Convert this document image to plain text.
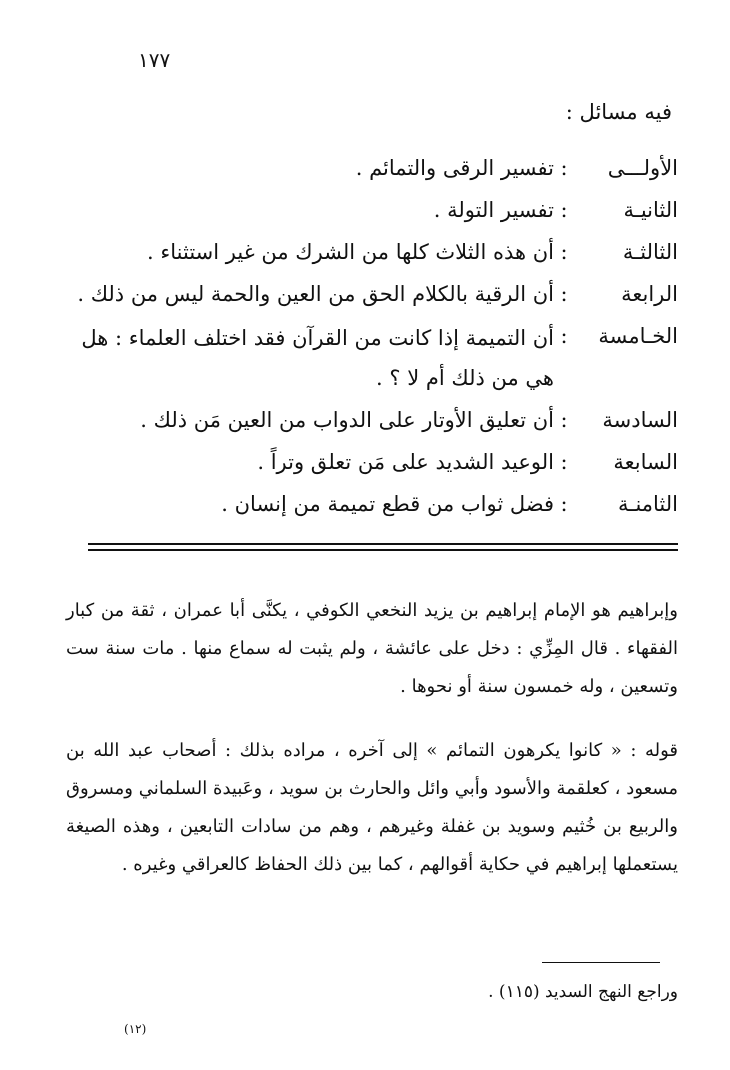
١٧٧
فيه مسائل :
الأولـــى
:
تفسير الرقى والتمائم .
الثانيـة
:
تفسير التولة .
الثالثـة
:
أن هذه الثلاث كلها من الشرك من غير استثناء .
الرابعة
:
أن الرقية بالكلام الحق من العين والحمة ليس من ذلك .
الخـامسة
:
أن التميمة إذا كانت من القرآن فقد اختلف العلماء : هل هي من ذلك أم لا ؟ .
السادسة
:
أن تعليق الأوتار على الدواب من العين مَن ذلك .
السابعة
:
الوعيد الشديد على مَن تعلق وتراً .
الثامنـة
:
فضل ثواب من قطع تميمة من إنسان .

وإبراهيم هو الإمام إبراهيم بن يزيد النخعي الكوفي ، يكنَّى أبا عمران ، ثقة من كبار الفقهاء . قال المِزِّي : دخل على عائشة ، ولم يثبت له سماع منها . مات سنة ست وتسعين ، وله خمسون سنة أو نحوها .

قوله : « كانوا يكرهون التمائم » إلى آخره ، مراده بذلك : أصحاب عبد الله بن مسعود ، كعلقمة والأسود وأبي وائل والحارث بن سويد ، وعَبيدة السلماني ومسروق والربيع بن خُثيم وسويد بن غفلة وغيرهم ، وهم من سادات التابعين ، وهذه الصيغة يستعملها إبراهيم في حكاية أقوالهم ، كما بين ذلك الحفاظ كالعراقي وغيره .

وراجع النهج السديد (١١٥) .
(١٢)
